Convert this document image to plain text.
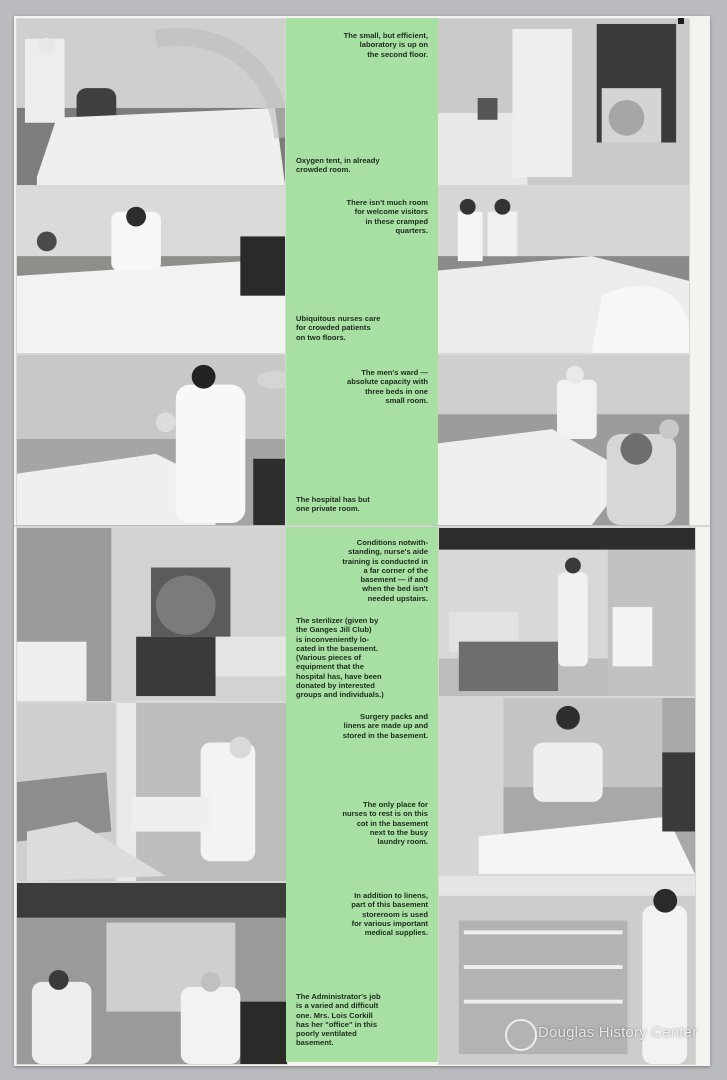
The small, but efficient,
laboratory is up on
the second floor.
Oxygen tent, in already
crowded room.
There isn't much room
for welcome visitors
in these cramped
quarters.
Ubiquitous nurses care
for crowded patients
on two floors.
The men's ward —
absolute capacity with
three beds in one
small room.
The hospital has but
one private room.
Conditions notwith-
standing, nurse's aide
training is conducted in
a far corner of the
basement — if and
when the bed isn't
needed upstairs.
The sterilizer (given by
the Ganges Jill Club)
is inconveniently lo-
cated in the basement.
(Various pieces of
equipment that the
hospital has, have been
donated by interested
groups and individuals.)
Surgery packs and
linens are made up and
stored in the basement.
The only place for
nurses to rest is on this
cot in the basement
next to the busy
laundry room.
In addition to linens,
part of this basement
storeroom is used
for various important
medical supplies.
The Administrator's job
is a varied and difficult
one. Mrs. Lois Corkill
has her "office" in this
poorly ventilated
basement.
Douglas History Center
